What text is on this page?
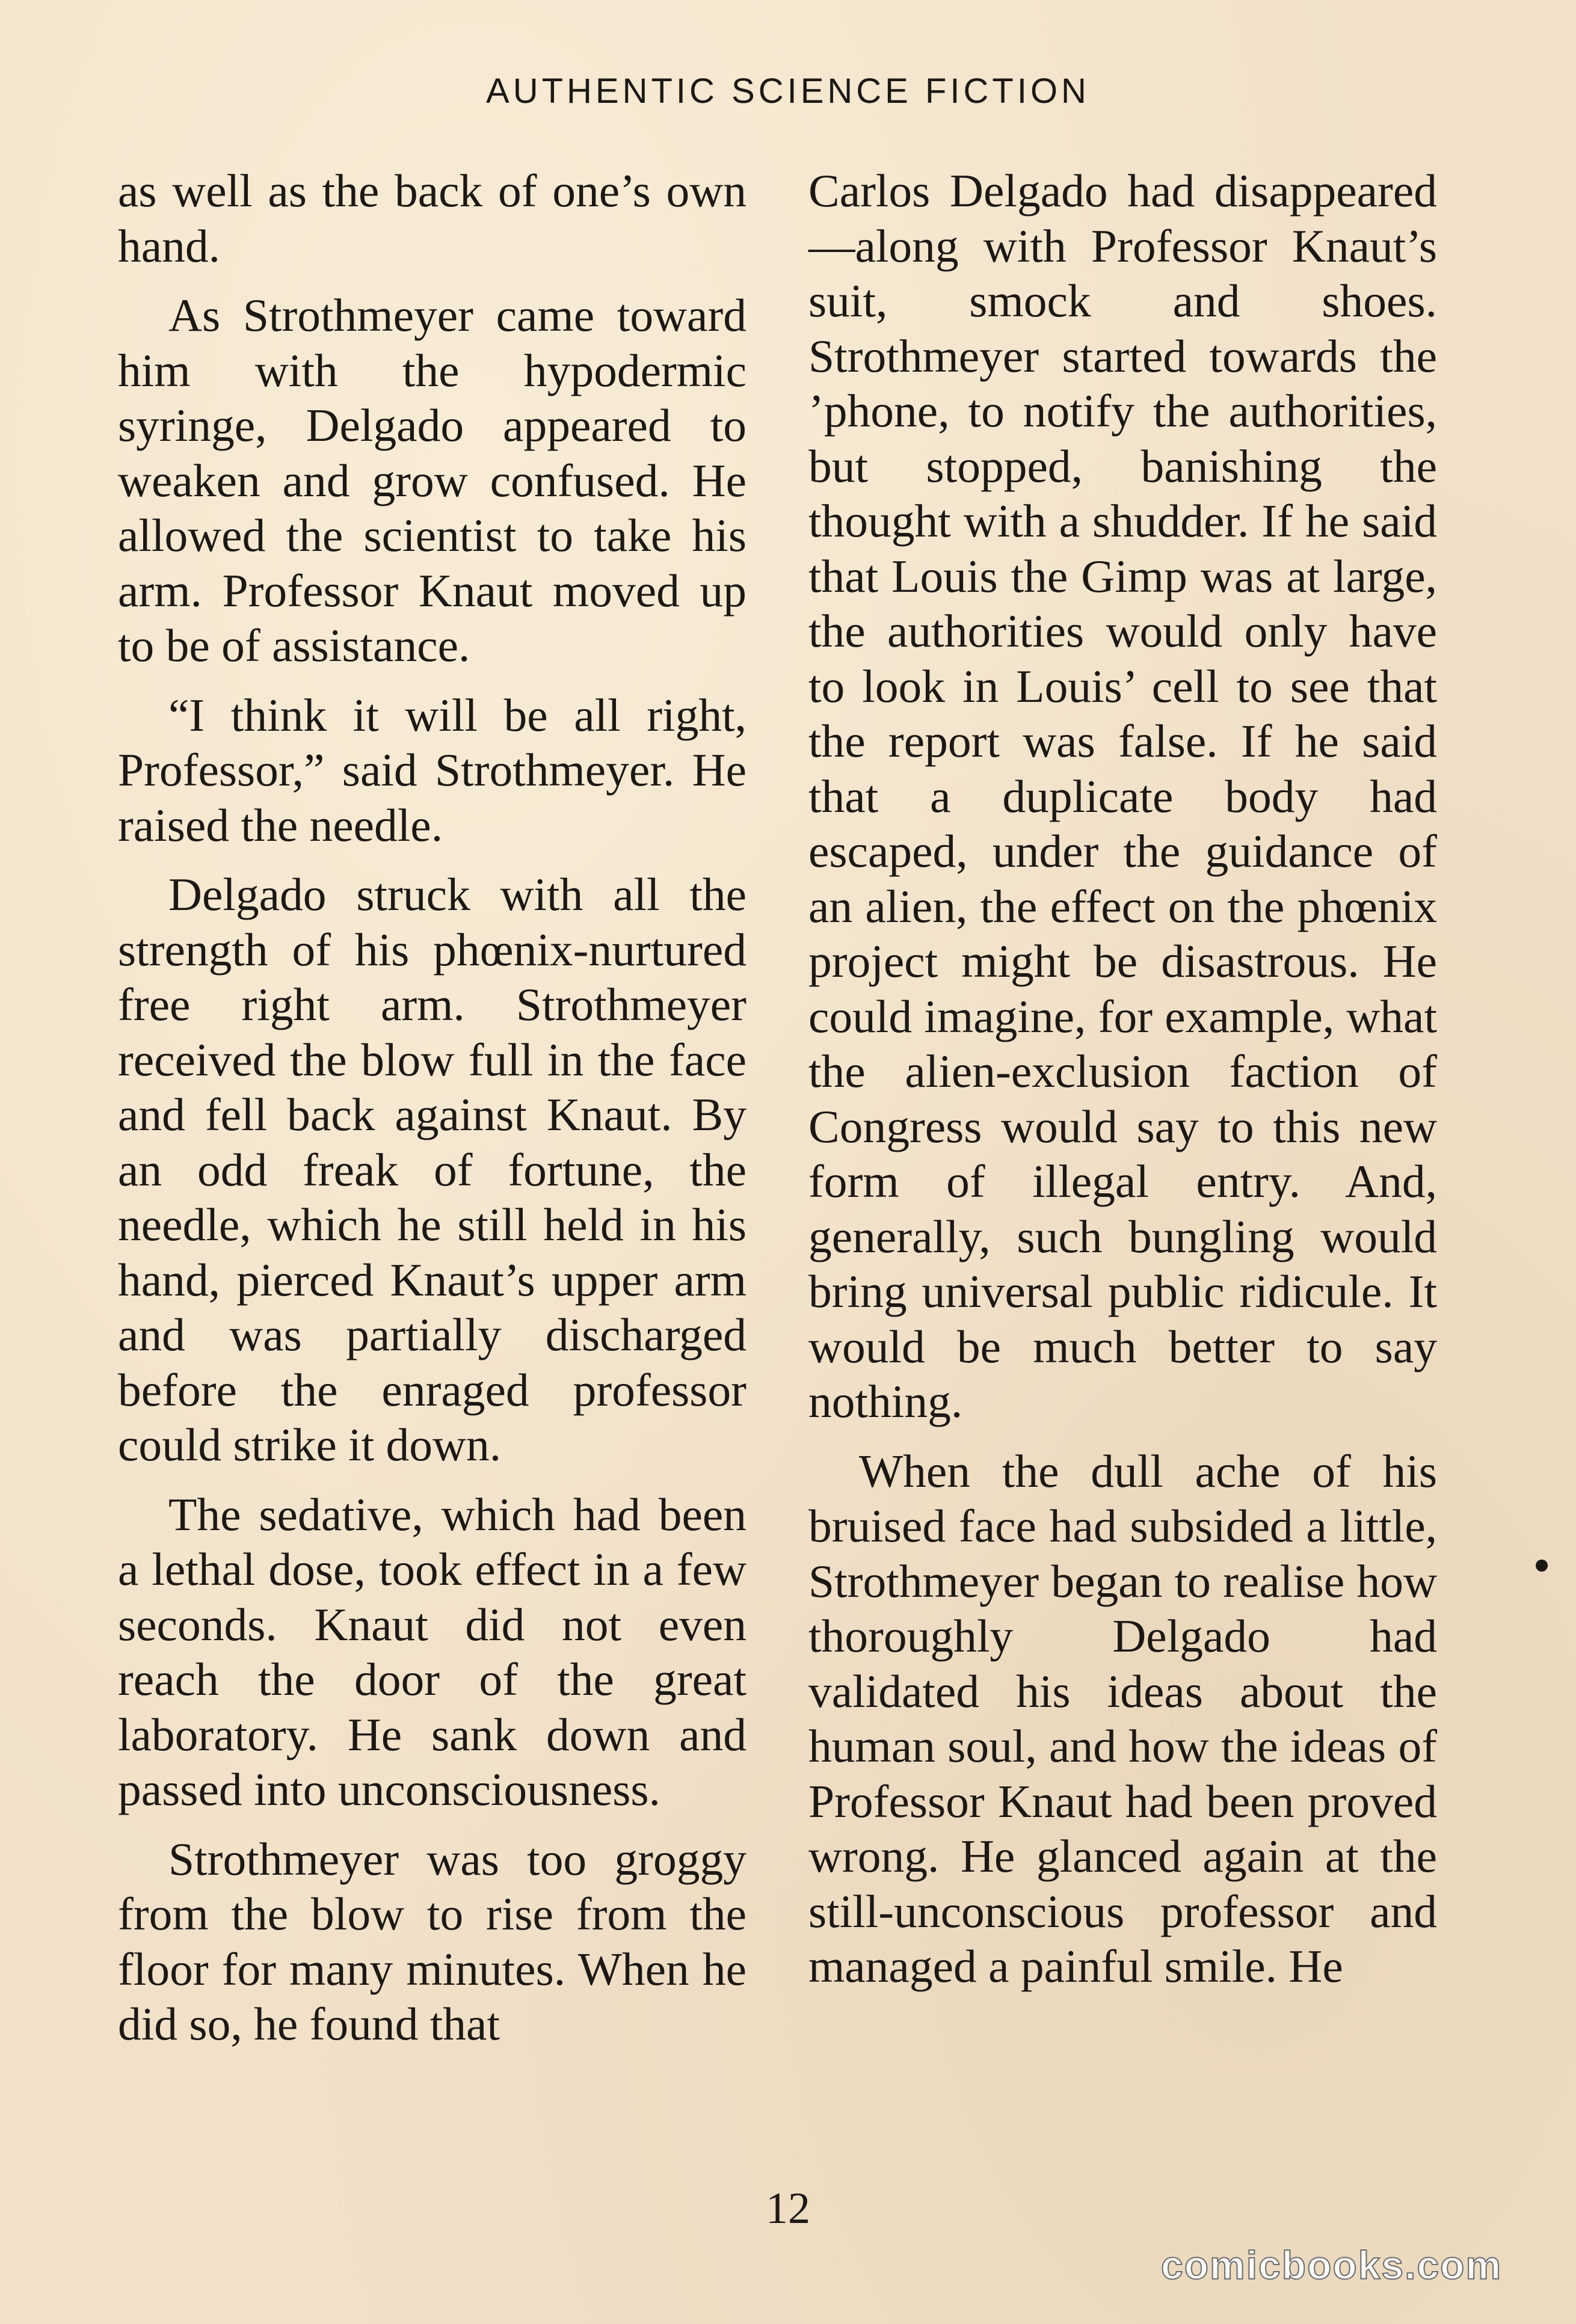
AUTHENTIC SCIENCE FICTION

as well as the back of one’s own hand.

As Strothmeyer came toward him with the hypodermic syringe, Delgado appeared to weaken and grow confused. He allowed the scientist to take his arm. Professor Knaut moved up to be of assistance.

“I think it will be all right, Professor,” said Strothmeyer. He raised the needle.

Delgado struck with all the strength of his phœnix-nurtured free right arm. Strothmeyer received the blow full in the face and fell back against Knaut. By an odd freak of fortune, the needle, which he still held in his hand, pierced Knaut’s upper arm and was partially discharged before the enraged professor could strike it down.

The sedative, which had been a lethal dose, took effect in a few seconds. Knaut did not even reach the door of the great laboratory. He sank down and passed into unconsciousness.

Strothmeyer was too groggy from the blow to rise from the floor for many minutes. When he did so, he found that

Carlos Delgado had disappeared—along with Professor Knaut’s suit, smock and shoes. Strothmeyer started towards the ’phone, to notify the authorities, but stopped, banishing the thought with a shudder. If he said that Louis the Gimp was at large, the authorities would only have to look in Louis’ cell to see that the report was false. If he said that a duplicate body had escaped, under the guidance of an alien, the effect on the phœnix project might be disastrous. He could imagine, for example, what the alien-exclusion faction of Congress would say to this new form of illegal entry. And, generally, such bungling would bring universal public ridicule. It would be much better to say nothing.

When the dull ache of his bruised face had subsided a little, Strothmeyer began to realise how thoroughly Delgado had validated his ideas about the human soul, and how the ideas of Professor Knaut had been proved wrong. He glanced again at the still-unconscious professor and managed a painful smile. He

12
comicbooks.com
